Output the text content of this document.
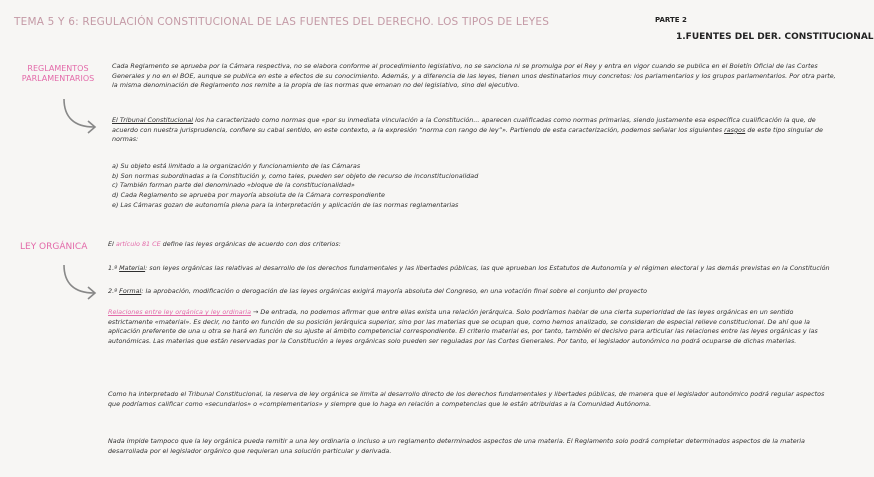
TEMA 5 Y 6: REGULACIÓN CONSTITUCIONAL DE LAS FUENTES DEL DERECHO. LOS TIPOS DE LEYES	PARTE 2
1.FUENTES DEL DER. CONSTITUCIONAL
REGLAMENTOS PARLAMENTARIOS
Cada Reglamento se aprueba por la Cámara respectiva, no se elabora conforme al procedimiento legislativo, no se sanciona ni se promulga por el Rey y entra en vigor cuando se publica en el Boletín Oficial de las Cortes Generales y no en el BOE, aunque se publica en este a efectos de su conocimiento. Además, y a diferencia de las leyes, tienen unos destinatarios muy concretos: los parlamentarios y los grupos parlamentarios. Por otra parte, la misma denominación de Reglamento nos remite a la propia de las normas que emanan no del legislativo, sino del ejecutivo.
El Tribunal Constitucional los ha caracterizado como normas que «por su inmediata vinculación a la Constitución... aparecen cualificadas como normas primarias, siendo justamente esa específica cualificación la que, de acuerdo con nuestra jurisprudencia, confiere su cabal sentido, en este contexto, a la expresión “norma con rango de ley”». Partiendo de esta caracterización, podemos señalar los siguientes rasgos de este tipo singular de normas:
a) Su objeto está limitado a la organización y funcionamiento de las Cámaras
b) Son normas subordinadas a la Constitución y, como tales, pueden ser objeto de recurso de inconstitucionalidad
c) También forman parte del denominado «bloque de la constitucionalidad»
d) Cada Reglamento se aprueba por mayoría absoluta de la Cámara correspondiente
e) Las Cámaras gozan de autonomía plena para la interpretación y aplicación de las normas reglamentarias
LEY ORGÁNICA	El artículo 81 CE define las leyes orgánicas de acuerdo con dos criterios:
1.º Material: son leyes orgánicas las relativas al desarrollo de los derechos fundamentales y las libertades públicas, las que aprueban los Estatutos de Autonomía y el régimen electoral y las demás previstas en la Constitución
2.º Formal: la aprobación, modificación o derogación de las leyes orgánicas exigirá mayoría absoluta del Congreso, en una votación final sobre el conjunto del proyecto
Relaciones entre ley orgánica y ley ordinaria → De entrada, no podemos afirmar que entre ellas exista una relación jerárquica. Solo podríamos hablar de una cierta superioridad de las leyes orgánicas en un sentido estrictamente «material». Es decir, no tanto en función de su posición jerárquica superior, sino por las materias que se ocupan que, como hemos analizado, se consideran de especial relieve constitucional. De ahí que la aplicación preferente de una u otra se hará en función de su ajuste al ámbito competencial correspondiente. El criterio material es, por tanto, también el decisivo para articular las relaciones entre las leyes orgánicas y las autonómicas. Las materias que están reservadas por la Constitución a leyes orgánicas solo pueden ser reguladas por las Cortes Generales. Por tanto, el legislador autonómico no podrá ocuparse de dichas materias.
Como ha interpretado el Tribunal Constitucional, la reserva de ley orgánica se limita al desarrollo directo de los derechos fundamentales y libertades públicas, de manera que el legislador autonómico podrá regular aspectos que podríamos calificar como «secundarios» o «complementarios» y siempre que lo haga en relación a competencias que le están atribuidas a la Comunidad Autónoma.
Nada impide tampoco que la ley orgánica pueda remitir a una ley ordinaria o incluso a un reglamento determinados aspectos de una materia. El Reglamento solo podrá completar determinados aspectos de la materia desarrollada por el legislador orgánico que requieran una solución particular y derivada.
